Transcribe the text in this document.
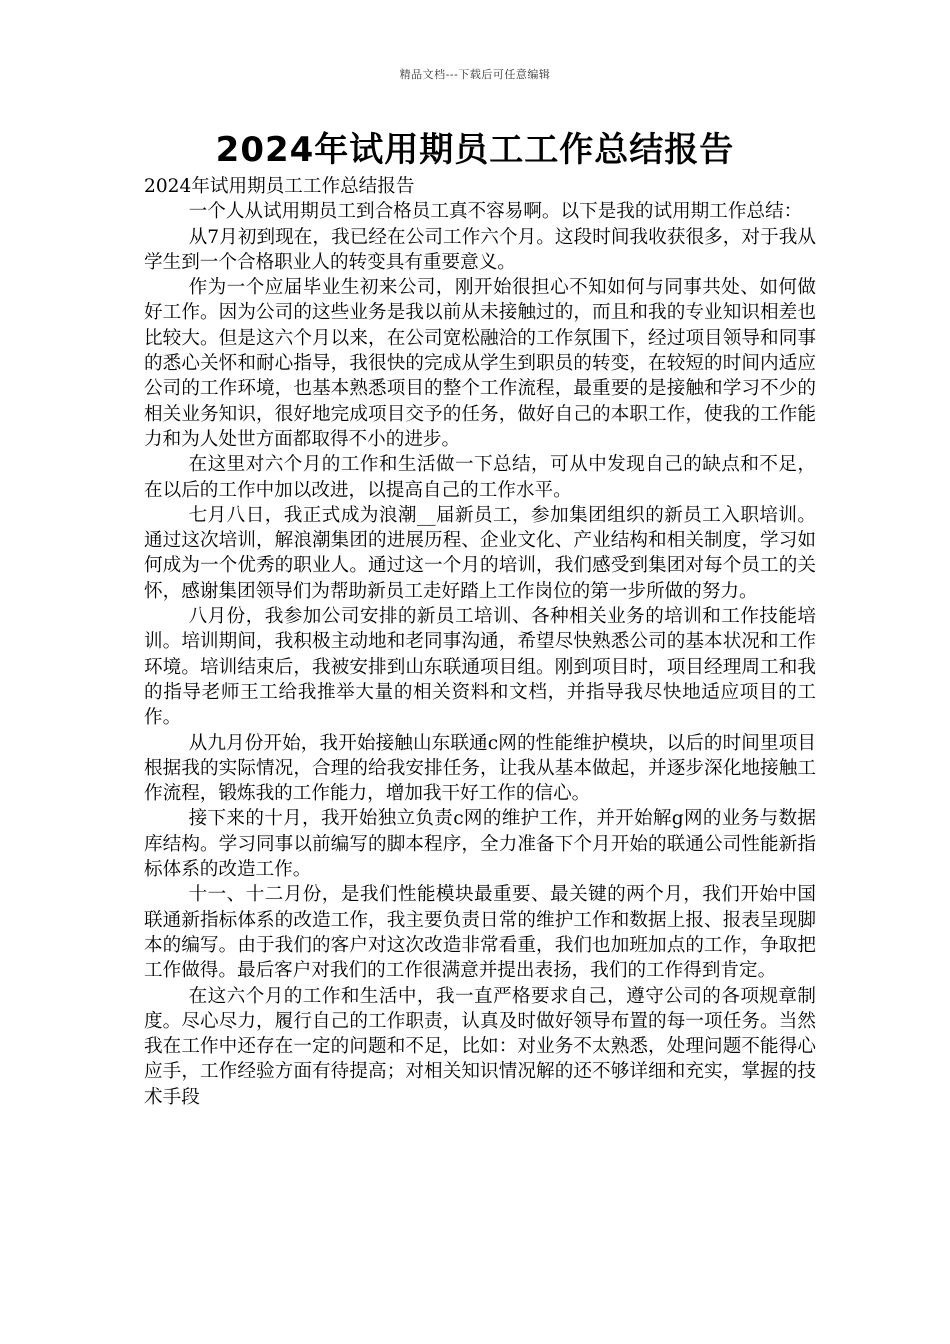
精品文档---下载后可任意编辑
2024年试用期员工工作总结报告

2024年试用期员工工作总结报告

一个人从试用期员工到合格员工真不容易啊。以下是我的试用期工作总结：

从7月初到现在，我已经在公司工作六个月。这段时间我收获很多，对于我从学生到一个合格职业人的转变具有重要意义。

作为一个应届毕业生初来公司，刚开始很担心不知如何与同事共处、如何做好工作。因为公司的这些业务是我以前从未接触过的，而且和我的专业知识相差也比较大。但是这六个月以来，在公司宽松融洽的工作氛围下，经过项目领导和同事的悉心关怀和耐心指导，我很快的完成从学生到职员的转变，在较短的时间内适应公司的工作环境，也基本熟悉项目的整个工作流程，最重要的是接触和学习不少的相关业务知识，很好地完成项目交予的任务，做好自己的本职工作，使我的工作能力和为人处世方面都取得不小的进步。

在这里对六个月的工作和生活做一下总结，可从中发现自己的缺点和不足，在以后的工作中加以改进，以提高自己的工作水平。

七月八日，我正式成为浪潮__届新员工，参加集团组织的新员工入职培训。通过这次培训，解浪潮集团的进展历程、企业文化、产业结构和相关制度，学习如何成为一个优秀的职业人。通过这一个月的培训，我们感受到集团对每个员工的关怀，感谢集团领导们为帮助新员工走好踏上工作岗位的第一步所做的努力。

八月份，我参加公司安排的新员工培训、各种相关业务的培训和工作技能培训。培训期间，我积极主动地和老同事沟通，希望尽快熟悉公司的基本状况和工作环境。培训结束后，我被安排到山东联通项目组。刚到项目时，项目经理周工和我的指导老师王工给我推举大量的相关资料和文档，并指导我尽快地适应项目的工作。

从九月份开始，我开始接触山东联通c网的性能维护模块，以后的时间里项目根据我的实际情况，合理的给我安排任务，让我从基本做起，并逐步深化地接触工作流程，锻炼我的工作能力，增加我干好工作的信心。

接下来的十月，我开始独立负责c网的维护工作，并开始解g网的业务与数据库结构。学习同事以前编写的脚本程序，全力准备下个月开始的联通公司性能新指标体系的改造工作。

十一、十二月份，是我们性能模块最重要、最关键的两个月，我们开始中国联通新指标体系的改造工作，我主要负责日常的维护工作和数据上报、报表呈现脚本的编写。由于我们的客户对这次改造非常看重，我们也加班加点的工作，争取把工作做得。最后客户对我们的工作很满意并提出表扬，我们的工作得到肯定。

在这六个月的工作和生活中，我一直严格要求自己，遵守公司的各项规章制度。尽心尽力，履行自己的工作职责，认真及时做好领导布置的每一项任务。当然我在工作中还存在一定的问题和不足，比如：对业务不太熟悉，处理问题不能得心应手，工作经验方面有待提高；对相关知识情况解的还不够详细和充实，掌握的技术手段
